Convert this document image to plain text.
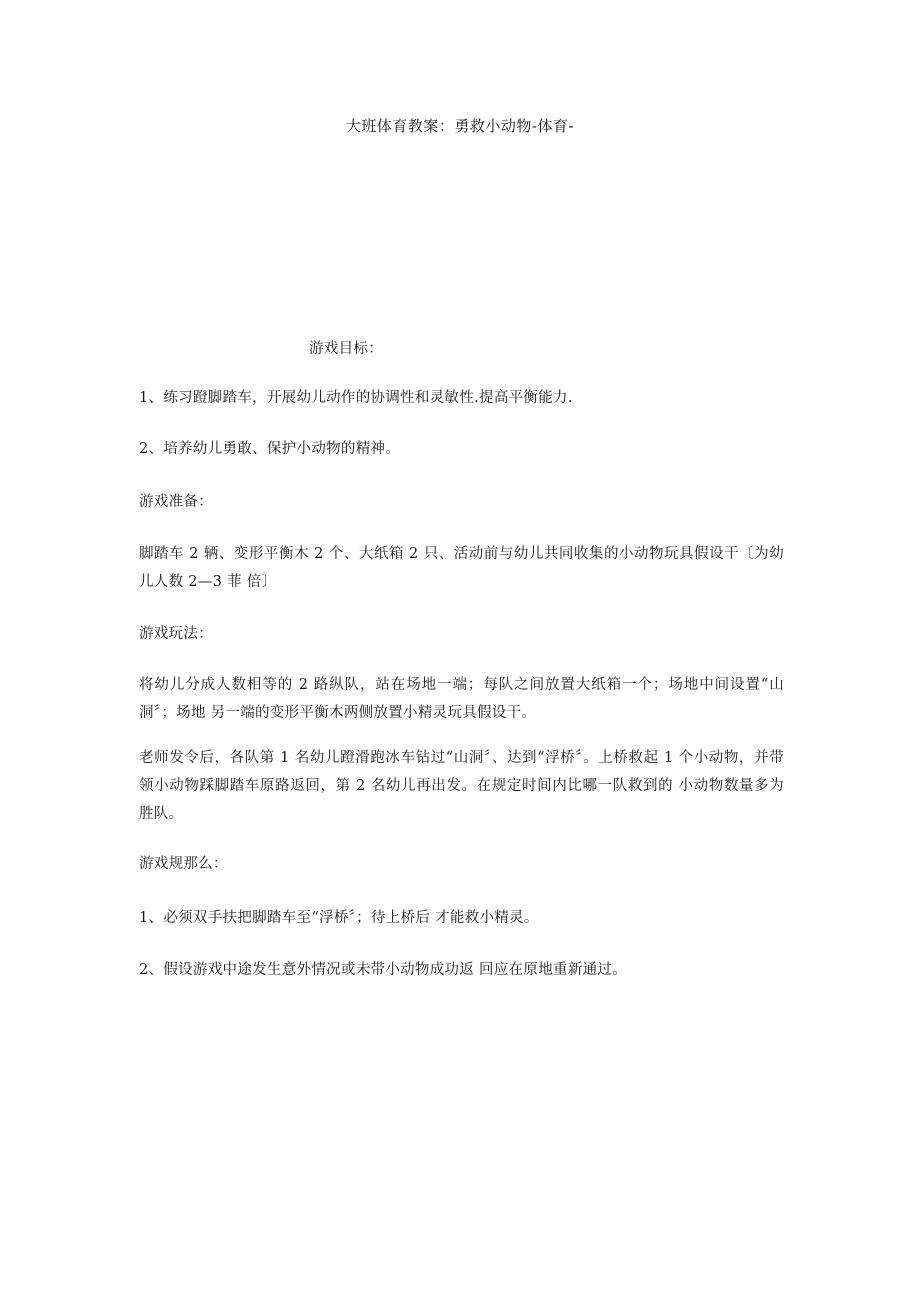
大班体育教案：勇救小动物-体育-

游戏目标：

1、练习蹬脚踏车，开展幼儿动作的协调性和灵敏性.提高平衡能力.

2、培养幼儿勇敢、保护小动物的精神。

游戏准备：

脚踏车 2 辆、变形平衡木 2 个、大纸箱 2 只、活动前与幼儿共同收集的小动物玩具假设干〔为幼儿人数 2—3 菲 倍〕

游戏玩法：

将幼儿分成人数相等的 2 路纵队，站在场地一端；每队之间放置大纸箱一个；场地中间设置“山洞〞；场地 另一端的变形平衡木两侧放置小精灵玩具假设干。

老师发令后，各队第 1 名幼儿蹬滑跑冰车钻过“山洞〞、达到“浮桥〞。上桥救起 1 个小动物，并带领小动物踩脚踏车原路返回，第 2 名幼儿再出发。在规定时间内比哪一队救到的 小动物数量多为胜队。

游戏规那么：

1、必须双手扶把脚踏车至“浮桥〞；待上桥后 才能救小精灵。

2、假设游戏中途发生意外情况或未带小动物成功返 回应在原地重新通过。
